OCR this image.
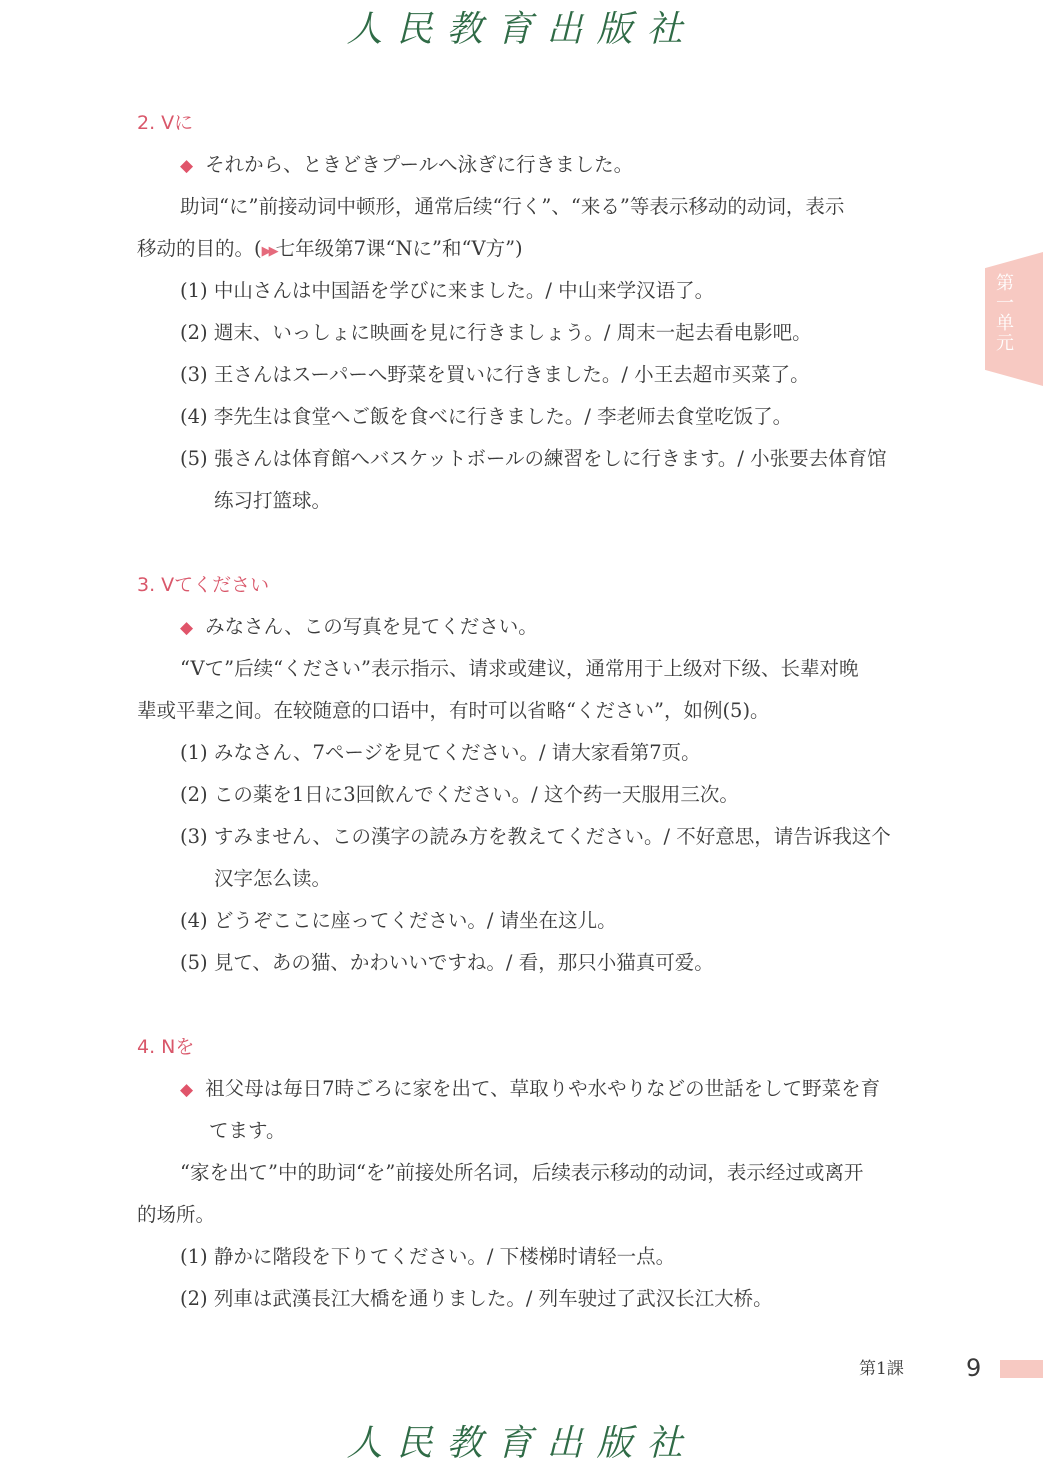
人民教育出版社
第一单元
2. Vに
◆ それから、ときどきプールへ泳ぎに行きました。
助词“に”前接动词中顿形，通常后续“行く”、“来る”等表示移动的动词，表示
移动的目的。(▶▶七年级第7课“Nに”和“V方”)
(1) 中山さんは中国語を学びに来ました。/ 中山来学汉语了。
(2) 週末、いっしょに映画を見に行きましょう。/ 周末一起去看电影吧。
(3) 王さんはスーパーへ野菜を買いに行きました。/ 小王去超市买菜了。
(4) 李先生は食堂へご飯を食べに行きました。/ 李老师去食堂吃饭了。
(5) 張さんは体育館へバスケットボールの練習をしに行きます。/ 小张要去体育馆
练习打篮球。
3. Vてください
◆ みなさん、この写真を見てください。
“Vて”后续“ください”表示指示、请求或建议，通常用于上级对下级、长辈对晚
辈或平辈之间。在较随意的口语中，有时可以省略“ください”，如例(5)。
(1) みなさん、7ページを見てください。/ 请大家看第7页。
(2) この薬を1日に3回飲んでください。/ 这个药一天服用三次。
(3) すみません、この漢字の読み方を教えてください。/ 不好意思，请告诉我这个
汉字怎么读。
(4) どうぞここに座ってください。/ 请坐在这儿。
(5) 見て、あの猫、かわいいですね。/ 看，那只小猫真可爱。
4. Nを
◆ 祖父母は毎日7時ごろに家を出て、草取りや水やりなどの世話をして野菜を育
てます。
“家を出て”中的助词“を”前接处所名词，后续表示移动的动词，表示经过或离开
的场所。
(1) 静かに階段を下りてください。/ 下楼梯时请轻一点。
(2) 列車は武漢長江大橋を通りました。/ 列车驶过了武汉长江大桥。
第1課	9
人民教育出版社
